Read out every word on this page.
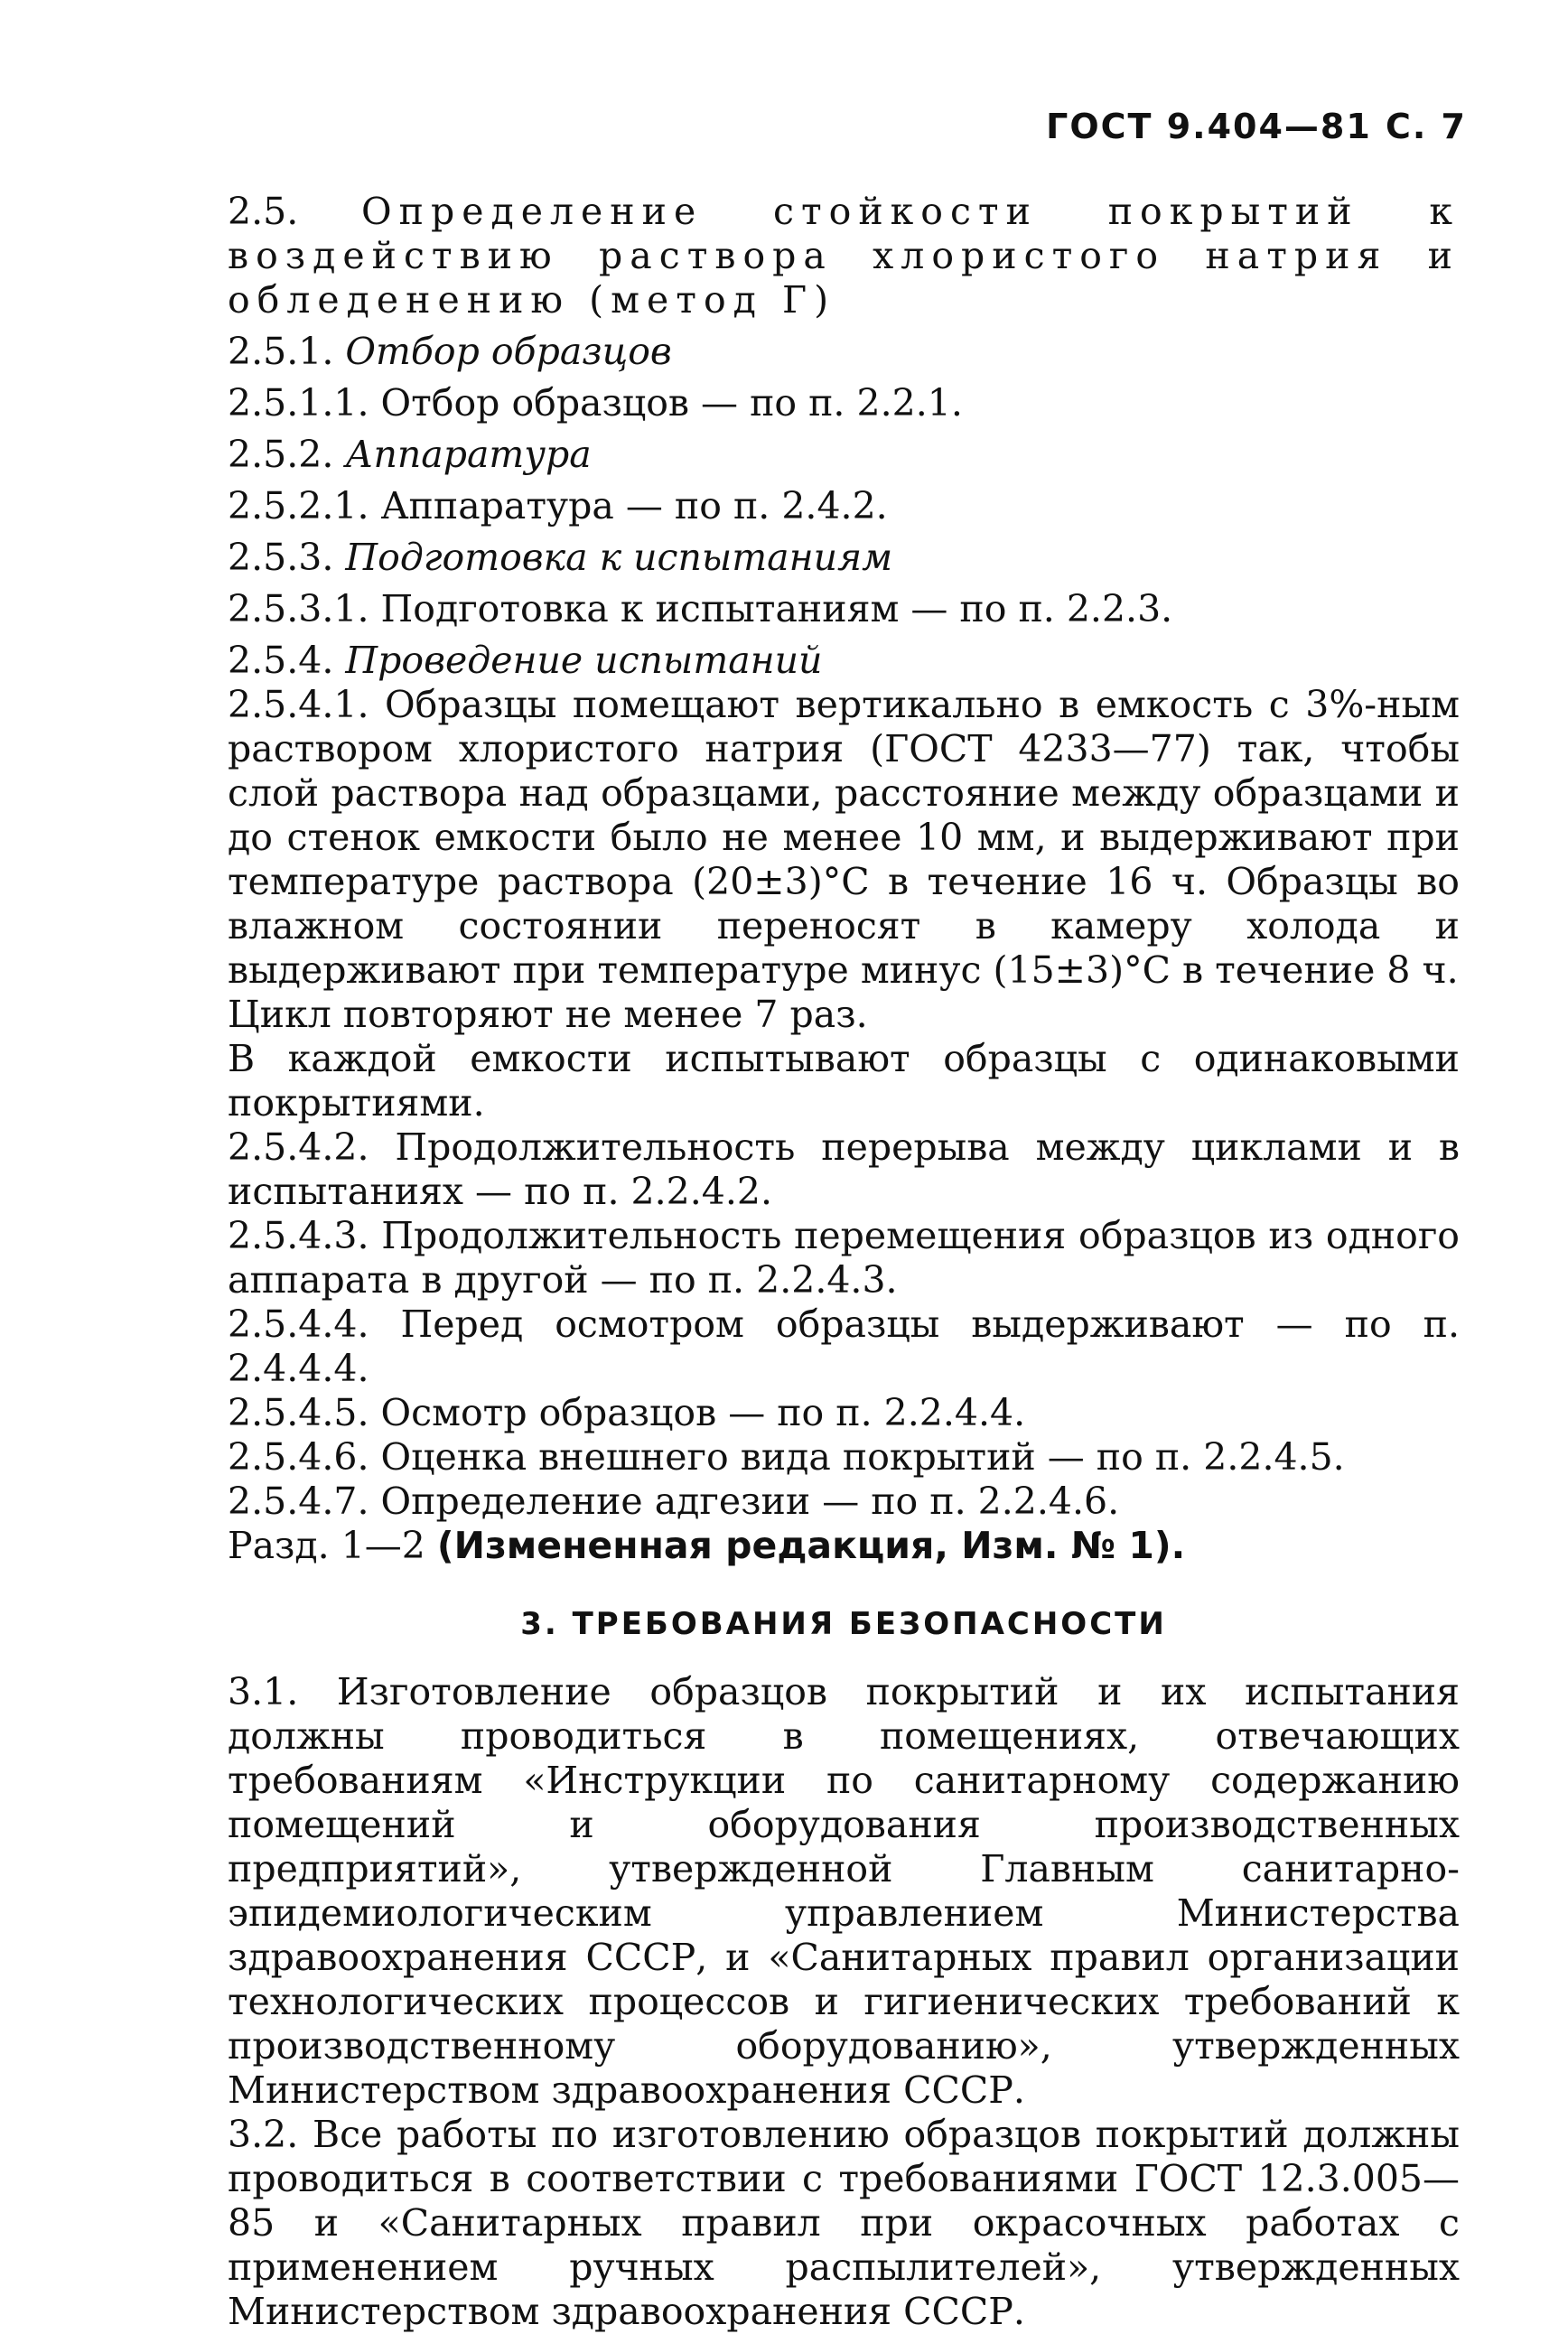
ГОСТ 9.404—81 С. 7

2.5. Определение стойкости покрытий к воздействию раствора хлористого натрия и обледенению (метод Г)

2.5.1. Отбор образцов

2.5.1.1. Отбор образцов — по п. 2.2.1.

2.5.2. Аппаратура

2.5.2.1. Аппаратура — по п. 2.4.2.

2.5.3. Подготовка к испытаниям

2.5.3.1. Подготовка к испытаниям — по п. 2.2.3.

2.5.4. Проведение испытаний

2.5.4.1. Образцы помещают вертикально в емкость с 3%-ным раствором хлористого натрия (ГОСТ 4233—77) так, чтобы слой раствора над образцами, расстояние между образцами и до стенок емкости было не менее 10 мм, и выдерживают при температуре раствора (20±3)°С в течение 16 ч. Образцы во влажном состоянии переносят в камеру холода и выдерживают при температуре минус (15±3)°С в течение 8 ч.

Цикл повторяют не менее 7 раз.

В каждой емкости испытывают образцы с одинаковыми покрытиями.

2.5.4.2. Продолжительность перерыва между циклами и в испытаниях — по п. 2.2.4.2.

2.5.4.3. Продолжительность перемещения образцов из одного аппарата в другой — по п. 2.2.4.3.

2.5.4.4. Перед осмотром образцы выдерживают — по п. 2.4.4.4.

2.5.4.5. Осмотр образцов — по п. 2.2.4.4.

2.5.4.6. Оценка внешнего вида покрытий — по п. 2.2.4.5.

2.5.4.7. Определение адгезии — по п. 2.2.4.6.

Разд. 1—2 (Измененная редакция, Изм. № 1).

3. ТРЕБОВАНИЯ БЕЗОПАСНОСТИ

3.1. Изготовление образцов покрытий и их испытания должны проводиться в помещениях, отвечающих требованиям «Инструкции по санитарному содержанию помещений и оборудования производственных предприятий», утвержденной Главным санитарно-эпидемиологическим управлением Министерства здравоохранения СССР, и «Санитарных правил организации технологических процессов и гигиенических требований к производственному оборудованию», утвержденных Министерством здравоохранения СССР.

3.2. Все работы по изготовлению образцов покрытий должны проводиться в соответствии с требованиями ГОСТ 12.3.005—85 и «Санитарных правил при окрасочных работах с применением ручных распылителей», утвержденных Министерством здравоохранения СССР.
